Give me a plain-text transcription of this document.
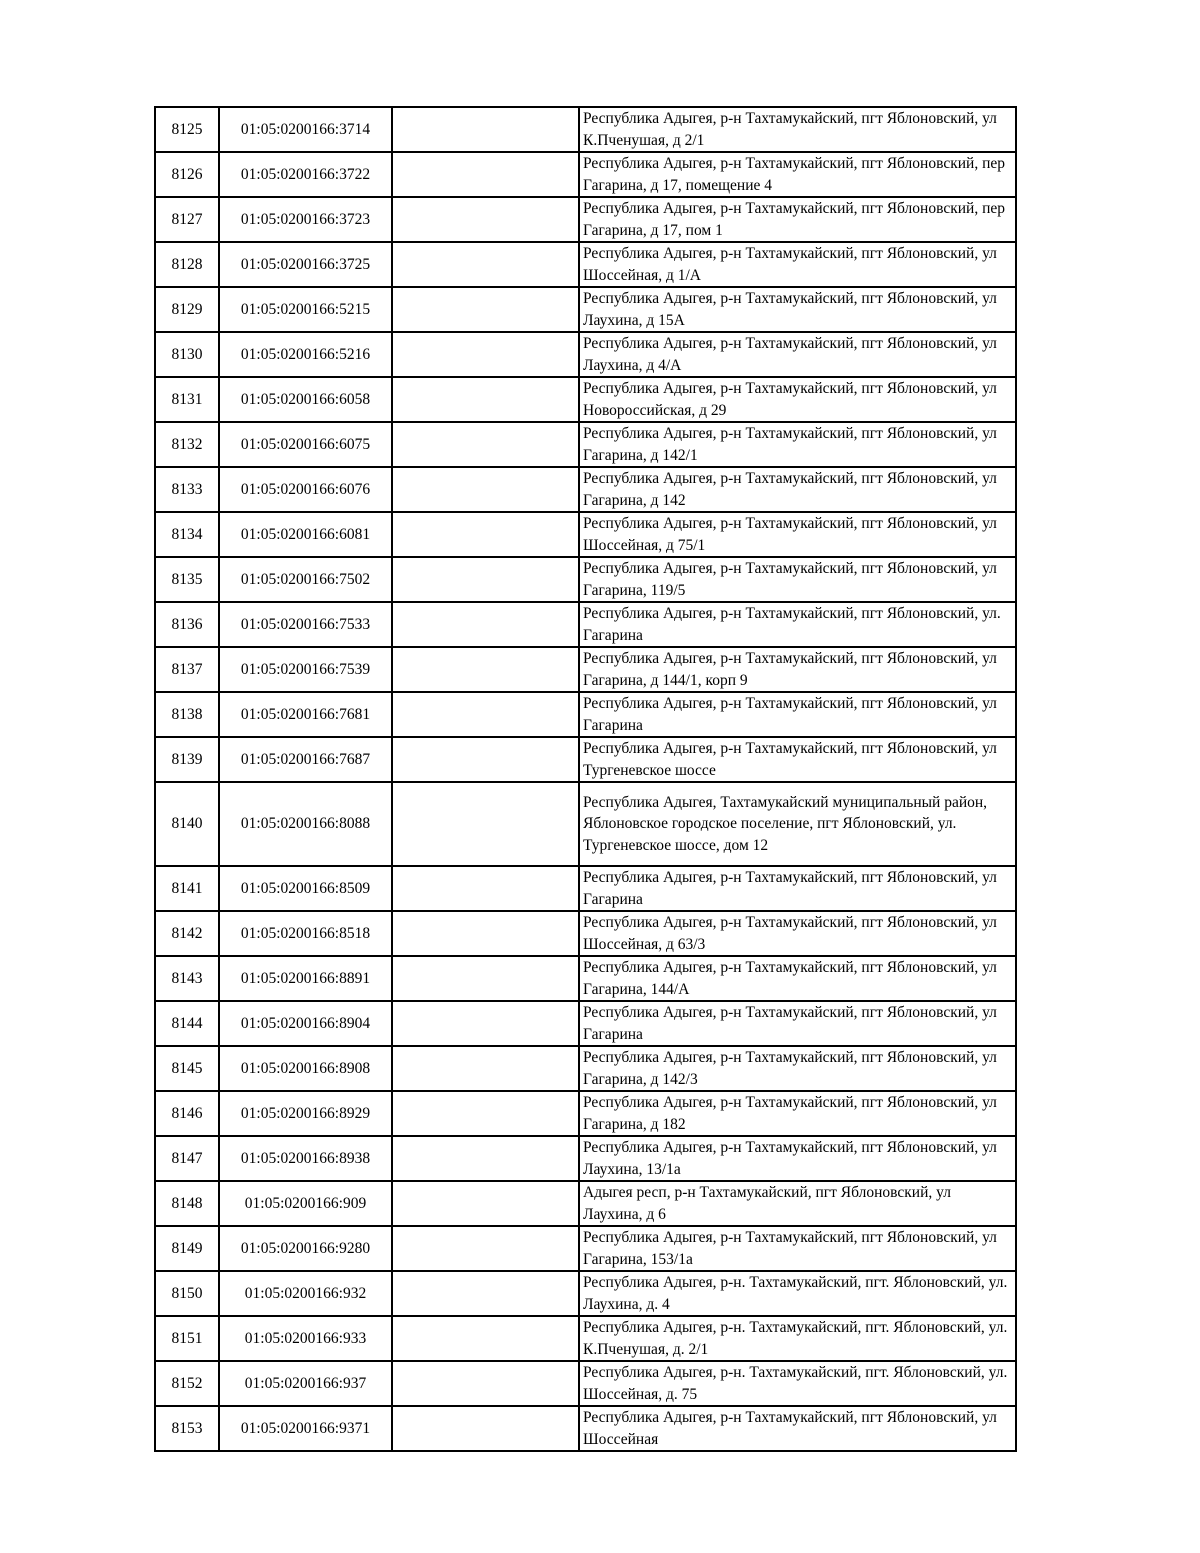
8125	01:05:0200166:3714		Республика Адыгея, р-н Тахтамукайский, пгт Яблоновский, ул К.Пченушая, д 2/1
8126	01:05:0200166:3722		Республика Адыгея, р-н Тахтамукайский, пгт Яблоновский, пер Гагарина, д 17, помещение 4
8127	01:05:0200166:3723		Республика Адыгея, р-н Тахтамукайский, пгт Яблоновский, пер Гагарина, д 17, пом 1
8128	01:05:0200166:3725		Республика Адыгея, р-н Тахтамукайский, пгт Яблоновский, ул Шоссейная, д 1/А
8129	01:05:0200166:5215		Республика Адыгея, р-н Тахтамукайский, пгт Яблоновский, ул Лаухина, д 15А
8130	01:05:0200166:5216		Республика Адыгея, р-н Тахтамукайский, пгт Яблоновский, ул Лаухина, д 4/А
8131	01:05:0200166:6058		Республика Адыгея, р-н Тахтамукайский, пгт Яблоновский, ул Новороссийская, д 29
8132	01:05:0200166:6075		Республика Адыгея, р-н Тахтамукайский, пгт Яблоновский, ул Гагарина, д 142/1
8133	01:05:0200166:6076		Республика Адыгея, р-н Тахтамукайский, пгт Яблоновский, ул Гагарина, д 142
8134	01:05:0200166:6081		Республика Адыгея, р-н Тахтамукайский, пгт Яблоновский, ул Шоссейная, д 75/1
8135	01:05:0200166:7502		Республика Адыгея, р-н Тахтамукайский, пгт Яблоновский, ул Гагарина, 119/5
8136	01:05:0200166:7533		Республика Адыгея, р-н Тахтамукайский, пгт Яблоновский, ул. Гагарина
8137	01:05:0200166:7539		Республика Адыгея, р-н Тахтамукайский, пгт Яблоновский, ул Гагарина, д 144/1, корп 9
8138	01:05:0200166:7681		Республика Адыгея, р-н Тахтамукайский, пгт Яблоновский, ул Гагарина
8139	01:05:0200166:7687		Республика Адыгея, р-н Тахтамукайский, пгт Яблоновский, ул Тургеневское шоссе
8140	01:05:0200166:8088		Республика Адыгея, Тахтамукайский муниципальный район, Яблоновское городское поселение, пгт Яблоновский, ул. Тургеневское шоссе, дом 12
8141	01:05:0200166:8509		Республика Адыгея, р-н Тахтамукайский, пгт Яблоновский, ул Гагарина
8142	01:05:0200166:8518		Республика Адыгея, р-н Тахтамукайский, пгт Яблоновский, ул Шоссейная, д 63/3
8143	01:05:0200166:8891		Республика Адыгея, р-н Тахтамукайский, пгт Яблоновский, ул Гагарина, 144/А
8144	01:05:0200166:8904		Республика Адыгея, р-н Тахтамукайский, пгт Яблоновский, ул Гагарина
8145	01:05:0200166:8908		Республика Адыгея, р-н Тахтамукайский, пгт Яблоновский, ул Гагарина, д 142/3
8146	01:05:0200166:8929		Республика Адыгея, р-н Тахтамукайский, пгт Яблоновский, ул Гагарина, д 182
8147	01:05:0200166:8938		Республика Адыгея, р-н Тахтамукайский, пгт Яблоновский, ул Лаухина, 13/1а
8148	01:05:0200166:909		Адыгея респ, р-н Тахтамукайский, пгт Яблоновский, ул Лаухина, д 6
8149	01:05:0200166:9280		Республика Адыгея, р-н Тахтамукайский, пгт Яблоновский, ул Гагарина, 153/1а
8150	01:05:0200166:932		Республика Адыгея, р-н. Тахтамукайский, пгт. Яблоновский, ул. Лаухина, д. 4
8151	01:05:0200166:933		Республика Адыгея, р-н. Тахтамукайский, пгт. Яблоновский, ул. К.Пченушая, д. 2/1
8152	01:05:0200166:937		Республика Адыгея, р-н. Тахтамукайский, пгт. Яблоновский, ул. Шоссейная, д. 75
8153	01:05:0200166:9371		Республика Адыгея, р-н Тахтамукайский, пгт Яблоновский, ул Шоссейная
